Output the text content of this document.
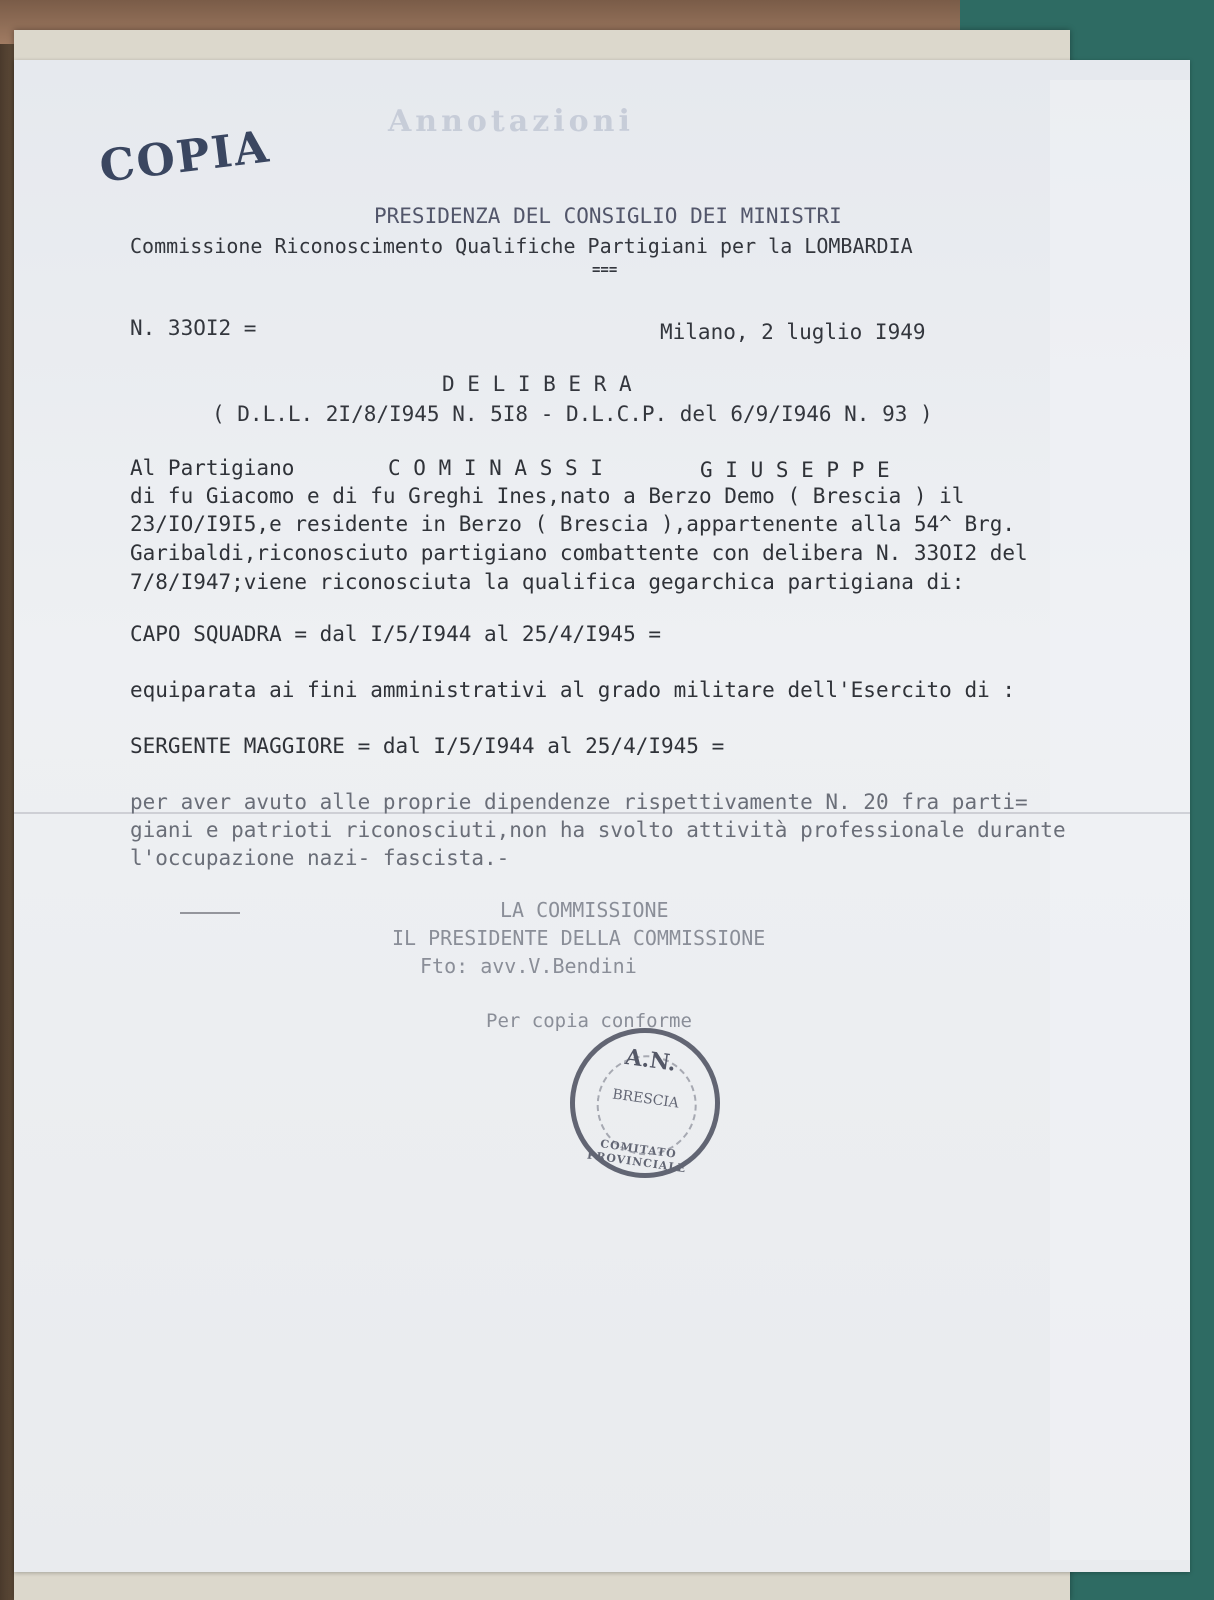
Annotazioni
COPIA
PRESIDENZA DEL CONSIGLIO DEI MINISTRI
Commissione Riconoscimento Qualifiche Partigiani per la LOMBARDIA
===
N. 33OI2 =	Milano, 2 luglio I949
D E L I B E R A
( D.L.L. 2I/8/I945 N. 5I8 - D.L.C.P. del 6/9/I946 N. 93 )
Al Partigiano	C O M I N A S S I	G I U S E P P E
di fu Giacomo e di fu Greghi Ines,nato a Berzo Demo ( Brescia ) il
23/IO/I9I5,e residente in Berzo ( Brescia ),appartenente alla 54^ Brg.
Garibaldi,riconosciuto partigiano combattente con delibera N. 33OI2 del
7/8/I947;viene riconosciuta la qualifica gegarchica partigiana di:
CAPO SQUADRA = dal I/5/I944 al 25/4/I945 =
equiparata ai fini amministrativi al grado militare dell'Esercito di :
SERGENTE MAGGIORE = dal I/5/I944 al 25/4/I945 =
per aver avuto alle proprie dipendenze rispettivamente N. 20 fra parti=
giani e patrioti riconosciuti,non ha svolto attività professionale durante
l'occupazione nazi- fascista.-
LA COMMISSIONE
IL PRESIDENTE DELLA COMMISSIONE
Fto: avv.V.Bendini
Per copia conforme
A.N.
BRESCIA
COMITATO PROVINCIALE
